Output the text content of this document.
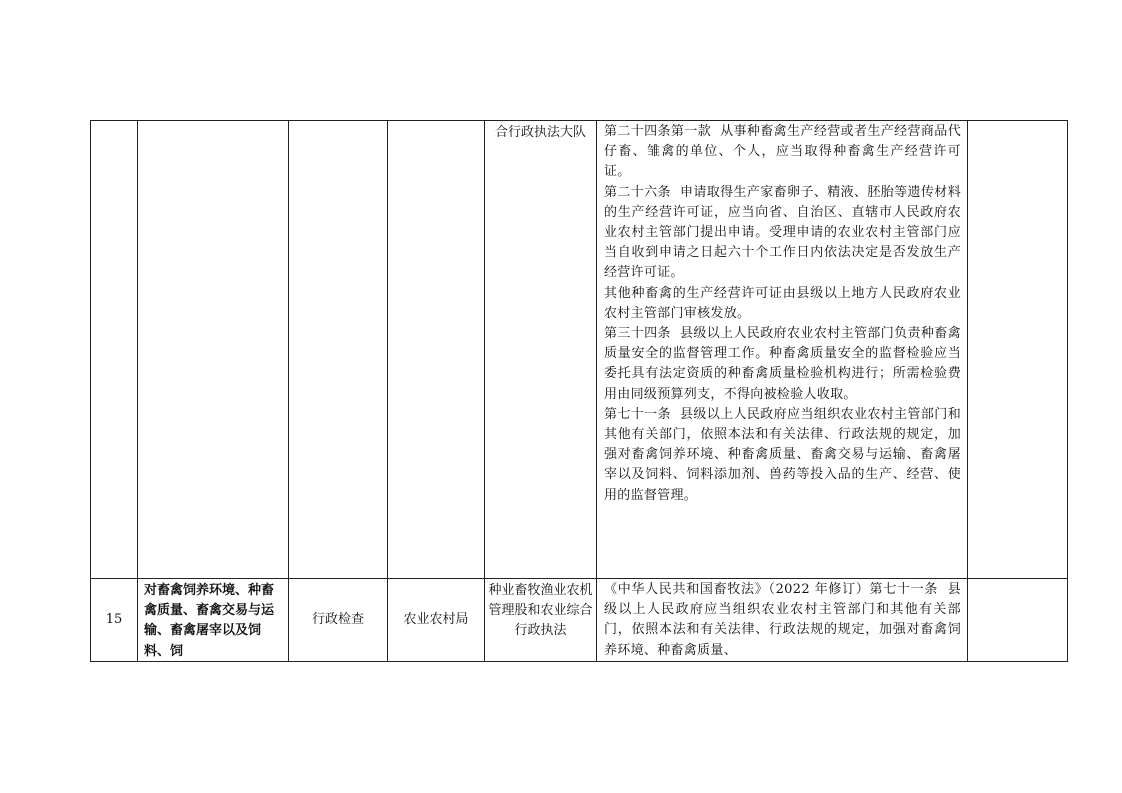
				合行政执法大队	第二十四条第一款  从事种畜禽生产经营或者生产经营商品代仔畜、雏禽的单位、个人，应当取得种畜禽生产经营许可证。

第二十六条  申请取得生产家畜卵子、精液、胚胎等遗传材料的生产经营许可证，应当向省、自治区、直辖市人民政府农业农村主管部门提出申请。受理申请的农业农村主管部门应当自收到申请之日起六十个工作日内依法决定是否发放生产经营许可证。

其他种畜禽的生产经营许可证由县级以上地方人民政府农业农村主管部门审核发放。

第三十四条  县级以上人民政府农业农村主管部门负责种畜禽质量安全的监督管理工作。种畜禽质量安全的监督检验应当委托具有法定资质的种畜禽质量检验机构进行；所需检验费用由同级预算列支，不得向被检验人收取。

第七十一条  县级以上人民政府应当组织农业农村主管部门和其他有关部门，依照本法和有关法律、行政法规的规定，加强对畜禽饲养环境、种畜禽质量、畜禽交易与运输、畜禽屠宰以及饲料、饲料添加剂、兽药等投入品的生产、经营、使用的监督管理。	

15	对畜禽饲养环境、种畜禽质量、畜禽交易与运输、畜禽屠宰以及饲料、饲	行政检查	农业农村局	种业畜牧渔业农机管理股和农业综合行政执法	《中华人民共和国畜牧法》（2022 年修订）第七十一条  县级以上人民政府应当组织农业农村主管部门和其他有关部门，依照本法和有关法律、行政法规的规定，加强对畜禽饲养环境、种畜禽质量、	
